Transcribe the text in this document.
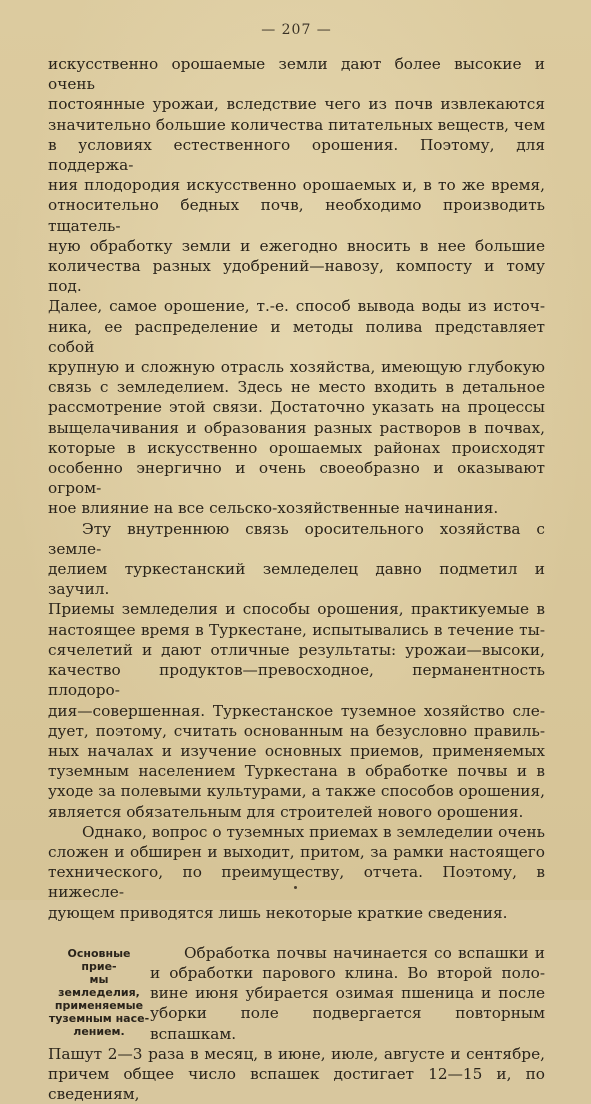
— 207 —

искусственно орошаемые земли дают более высокие и очень
постоянные урожаи, вследствие чего из почв извлекаются
значительно большие количества питательных веществ, чем
в условиях естественного орошения. Поэтому, для поддержа-
ния плодородия искусственно орошаемых и, в то же время,
относительно бедных почв, необходимо производить тщатель-
ную обработку земли и ежегодно вносить в нее большие
количества разных удобрений—навозу, компосту и тому под.
Далее, самое орошение, т.-е. способ вывода воды из источ-
ника, ее распределение и методы полива представляет собой
крупную и сложную отрасль хозяйства, имеющую глубокую
связь с земледелием. Здесь не место входить в детальное
рассмотрение этой связи. Достаточно указать на процессы
выщелачивания и образования разных растворов в почвах,
которые в искусственно орошаемых районах происходят
особенно энергично и очень своеобразно и оказывают огром-
ное влияние на все сельско-хозяйственные начинания.

Эту внутреннюю связь оросительного хозяйства с земле-
делием туркестанский земледелец давно подметил и заучил.
Приемы земледелия и способы орошения, практикуемые в
настоящее время в Туркестане, испытывались в течение ты-
сячелетий и дают отличные результаты: урожаи—высоки,
качество продуктов—превосходное, перманентность плодоро-
дия—совершенная. Туркестанское туземное хозяйство сле-
дует, поэтому, считать основанным на безусловно правиль-
ных началах и изучение основных приемов, применяемых
туземным населением Туркестана в обработке почвы и в
уходе за полевыми культурами, а также способов орошения,
является обязательным для строителей нового орошения.

Однако, вопрос о туземных приемах в земледелии очень
сложен и обширен и выходит, притом, за рамки настоящего
технического, по преимуществу, отчета. Поэтому, в нижесле-
дующем приводятся лишь некоторые краткие сведения.

Основные прие-
мы земледелия,
применяемые
туземным насе-
лением.

Обработка почвы начинается со вспашки и
и обработки парового клина. Во второй поло-
вине июня убирается озимая пшеница и после
уборки поле подвергается повторным вспашкам.

Пашут 2—3 раза в месяц, в июне, июле, августе и сентябре,
причем общее число вспашек достигает 12—15 и, по сведениям,
